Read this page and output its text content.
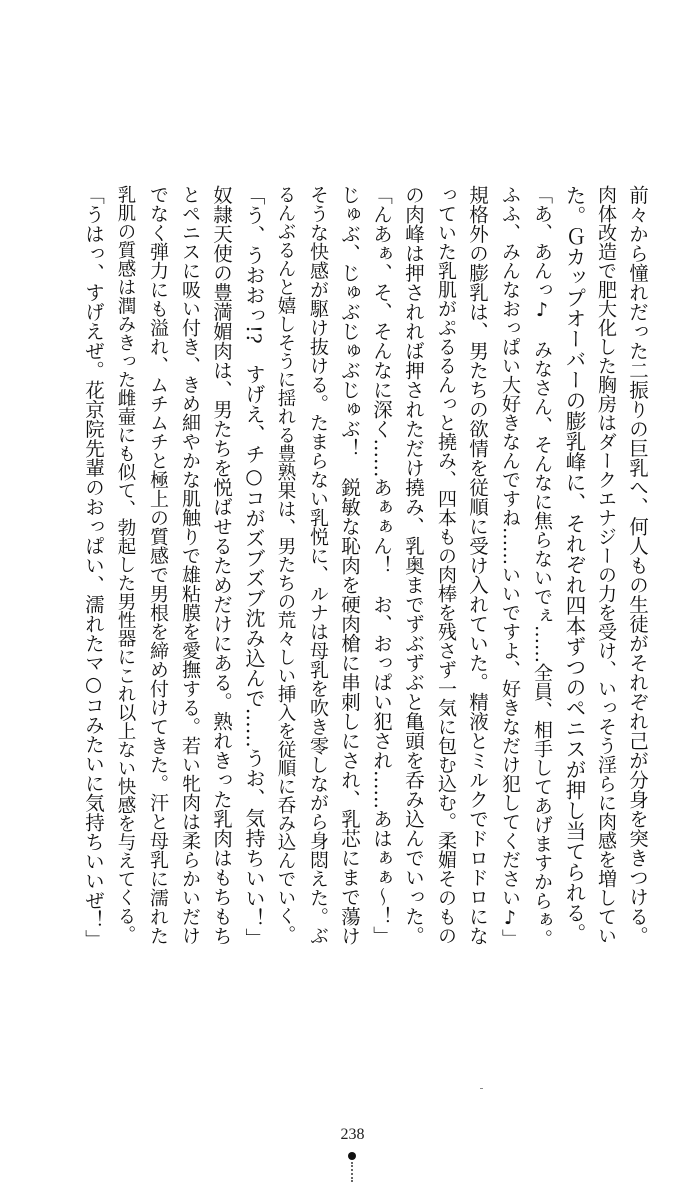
前々から憧れだった二振りの巨乳へ、何人もの生徒がそれぞれ己が分身を突きつける。
肉体改造で肥大化した胸房はダークエナジーの力を受け、いっそう淫らに肉感を増してい
た。Ｇカップオーバーの膨乳峰に、それぞれ四本ずつのペニスが押し当てられる。
「あ、あんっ♪　みなさん、そんなに焦らないでぇ……全員、相手してあげますからぁ。
ふふ、みんなおっぱい大好きなんですね……いいですよ、好きなだけ犯してください♪」
規格外の膨乳は、男たちの欲情を従順に受け入れていた。精液とミルクでドロドロにな
っていた乳肌がぷるるんっと撓み、四本もの肉棒を残さず一気に包む込む。柔媚そのもの
の肉峰は押されれば押されただけ撓み、乳奥までずぶずぶと亀頭を呑み込んでいった。
「んあぁ、そ、そんなに深く……あぁぁん！　お、おっぱい犯され……あはぁぁ～！」
じゅぶ、じゅぶじゅぶじゅぶ！　鋭敏な恥肉を硬肉槍に串刺しにされ、乳芯にまで蕩け
そうな快感が駆け抜ける。たまらない乳悦に、ルナは母乳を吹き零しながら身悶えた。ぶ
るんぶるんと嬉しそうに揺れる豊熟果は、男たちの荒々しい挿入を従順に呑み込んでいく。
「う、うおおっ!?　すげえ、チ○コがズブズブ沈み込んで……うお、気持ちいい！」
奴隷天使の豊満媚肉は、男たちを悦ばせるためだけにある。熟れきった乳肉はもちもち
とペニスに吸い付き、きめ細やかな肌触りで雄粘膜を愛撫する。若い牝肉は柔らかいだけ
でなく弾力にも溢れ、ムチムチと極上の質感で男根を締め付けてきた。汗と母乳に濡れた
乳肌の質感は潤みきった雌壷にも似て、勃起した男性器にこれ以上ない快感を与えてくる。
「うはっ、すげえぜ。花京院先輩のおっぱい、濡れたマ○コみたいに気持ちいいぜ！」
238
